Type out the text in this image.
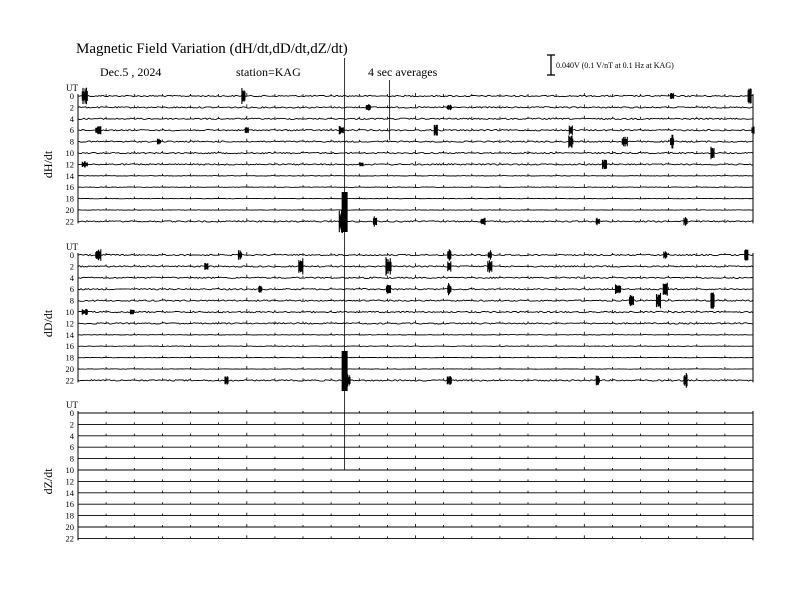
Magnetic Field Variation (dH/dt,dD/dt,dZ/dt)
Dec.5 , 2024	station=KAG	4 sec averages	0.040V (0.1 V/nT at 0.1 Hz at KAG)
UT
dH/dt
0
2
4
6
8
10
12
14
16
18
20
22
UT
dD/dt
0
2
4
6
8
10
12
14
16
18
20
22
UT
dZ/dt
0
2
4
6
8
10
12
14
16
18
20
22
